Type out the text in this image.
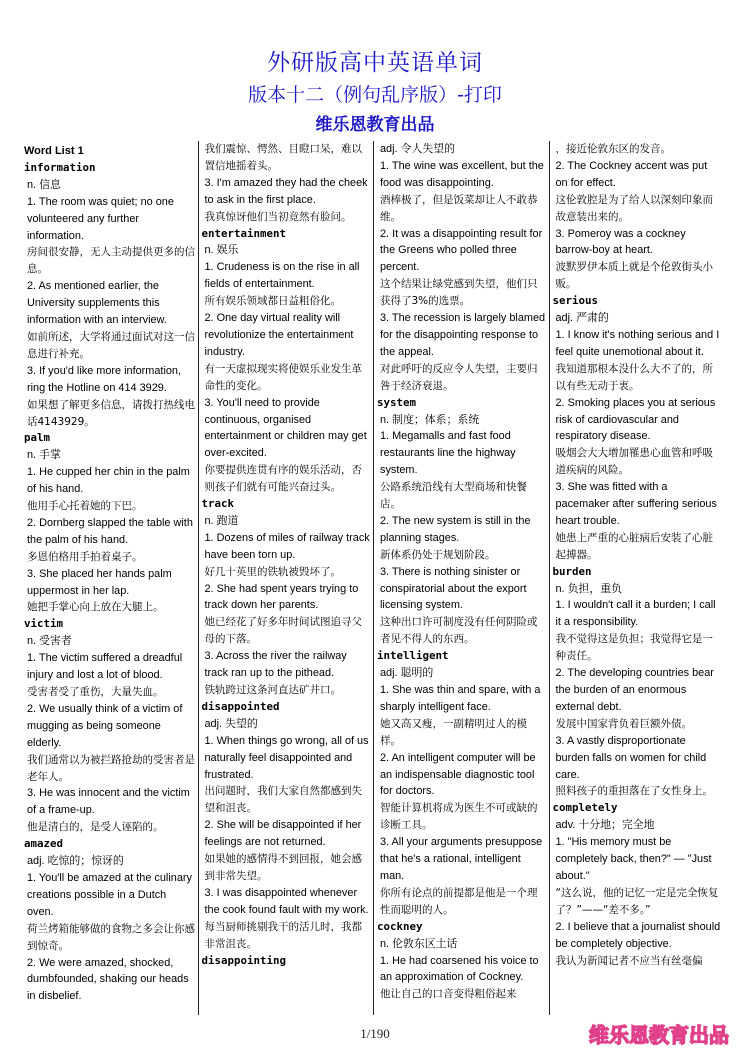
外研版高中英语单词
版本十二（例句乱序版）-打印
维乐恩教育出品
Word List 1
information
n. 信息
1. The room was quiet; no one volunteered any further information.
房间很安静，无人主动提供更多的信息。
2. As mentioned earlier, the University supplements this information with an interview.
如前所述，大学将通过面试对这一信息进行补充。
3. If you'd like more information, ring the Hotline on 414 3929.
如果想了解更多信息，请拨打热线电话4143929。
palm
n. 手掌
1. He cupped her chin in the palm of his hand.
他用手心托着她的下巴。
2. Dornberg slapped the table with the palm of his hand.
多恩伯格用手拍着桌子。
3. She placed her hands palm uppermost in her lap.
她把手掌心向上放在大腿上。
victim
n. 受害者
1. The victim suffered a dreadful injury and lost a lot of blood.
受害者受了重伤，大量失血。
2. We usually think of a victim of mugging as being someone elderly.
我们通常以为被拦路抢劫的受害者是老年人。
3. He was innocent and the victim of a frame-up.
他是清白的，是受人诬陷的。
amazed
adj. 吃惊的；惊讶的
1. You'll be amazed at the culinary creations possible in a Dutch oven.
荷兰烤箱能够做的食物之多会让你感到惊奇。
2. We were amazed, shocked, dumbfounded, shaking our heads in disbelief.
我们震惊、愕然、目瞪口呆，难以置信地摇着头。
3. I'm amazed they had the cheek to ask in the first place.
我真惊讶他们当初竟然有脸问。
entertainment
n. 娱乐
1. Crudeness is on the rise in all fields of entertainment.
所有娱乐领域都日益粗俗化。
2. One day virtual reality will revolutionize the entertainment industry.
有一天虚拟现实将使娱乐业发生革命性的变化。
3. You'll need to provide continuous, organised entertainment or children may get over-excited.
你要提供连贯有序的娱乐活动，否则孩子们就有可能兴奋过头。
track
n. 跑道
1. Dozens of miles of railway track have been torn up.
好几十英里的铁轨被毁坏了。
2. She had spent years trying to track down her parents.
她已经花了好多年时间试图追寻父母的下落。
3. Across the river the railway track ran up to the pithead.
铁轨跨过这条河直达矿井口。
disappointed
adj. 失望的
1. When things go wrong, all of us naturally feel disappointed and frustrated.
出问题时，我们大家自然都感到失望和沮丧。
2. She will be disappointed if her feelings are not returned.
如果她的感情得不到回报，她会感到非常失望。
3. I was disappointed whenever the cook found fault with my work.
每当厨师挑剔我干的活儿时，我都非常沮丧。
disappointing
adj. 令人失望的
1. The wine was excellent, but the food was disappointing.
酒棒极了，但是饭菜却让人不敢恭维。
2. It was a disappointing result for the Greens who polled three percent.
这个结果让绿党感到失望，他们只获得了3%的选票。
3. The recession is largely blamed for the disappointing response to the appeal.
对此呼吁的反应令人失望，主要归咎于经济衰退。
system
n. 制度；体系；系统
1. Megamalls and fast food restaurants line the highway system.
公路系统沿线有大型商场和快餐店。
2. The new system is still in the planning stages.
新体系仍处于规划阶段。
3. There is nothing sinister or conspiratorial about the export licensing system.
这种出口许可制度没有任何阴险或者见不得人的东西。
intelligent
adj. 聪明的
1. She was thin and spare, with a sharply intelligent face.
她又高又瘦，一副精明过人的模样。
2. An intelligent computer will be an indispensable diagnostic tool for doctors.
智能计算机将成为医生不可或缺的诊断工具。
3. All your arguments presuppose that he's a rational, intelligent man.
你所有论点的前提都是他是一个理性而聪明的人。
cockney
n. 伦敦东区土话
1. He had coarsened his voice to an approximation of Cockney.
他让自己的口音变得粗俗起来
，接近伦敦东区的发音。
2. The Cockney accent was put on for effect.
这伦敦腔是为了给人以深刻印象而故意装出来的。
3. Pomeroy was a cockney barrow-boy at heart.
波默罗伊本质上就是个伦敦街头小贩。
serious
adj. 严肃的
1. I know it's nothing serious and I feel quite unemotional about it.
我知道那根本没什么大不了的，所以有些无动于衷。
2. Smoking places you at serious risk of cardiovascular and respiratory disease.
吸烟会大大增加罹患心血管和呼吸道疾病的风险。
3. She was fitted with a pacemaker after suffering serious heart trouble.
她患上严重的心脏病后安装了心脏起搏器。
burden
n. 负担，重负
1. I wouldn't call it a burden; I call it a responsibility.
我不觉得这是负担；我觉得它是一种责任。
2. The developing countries bear the burden of an enormous external debt.
发展中国家背负着巨额外债。
3. A vastly disproportionate burden falls on women for child care.
照料孩子的重担落在了女性身上。
completely
adv. 十分地；完全地
1. "His memory must be completely back, then?" — "Just about."
“这么说，他的记忆一定是完全恢复了？”——“差不多。”
2. I believe that a journalist should be completely objective.
我认为新闻记者不应当有丝毫偏
1/190	维乐恩教育出品
